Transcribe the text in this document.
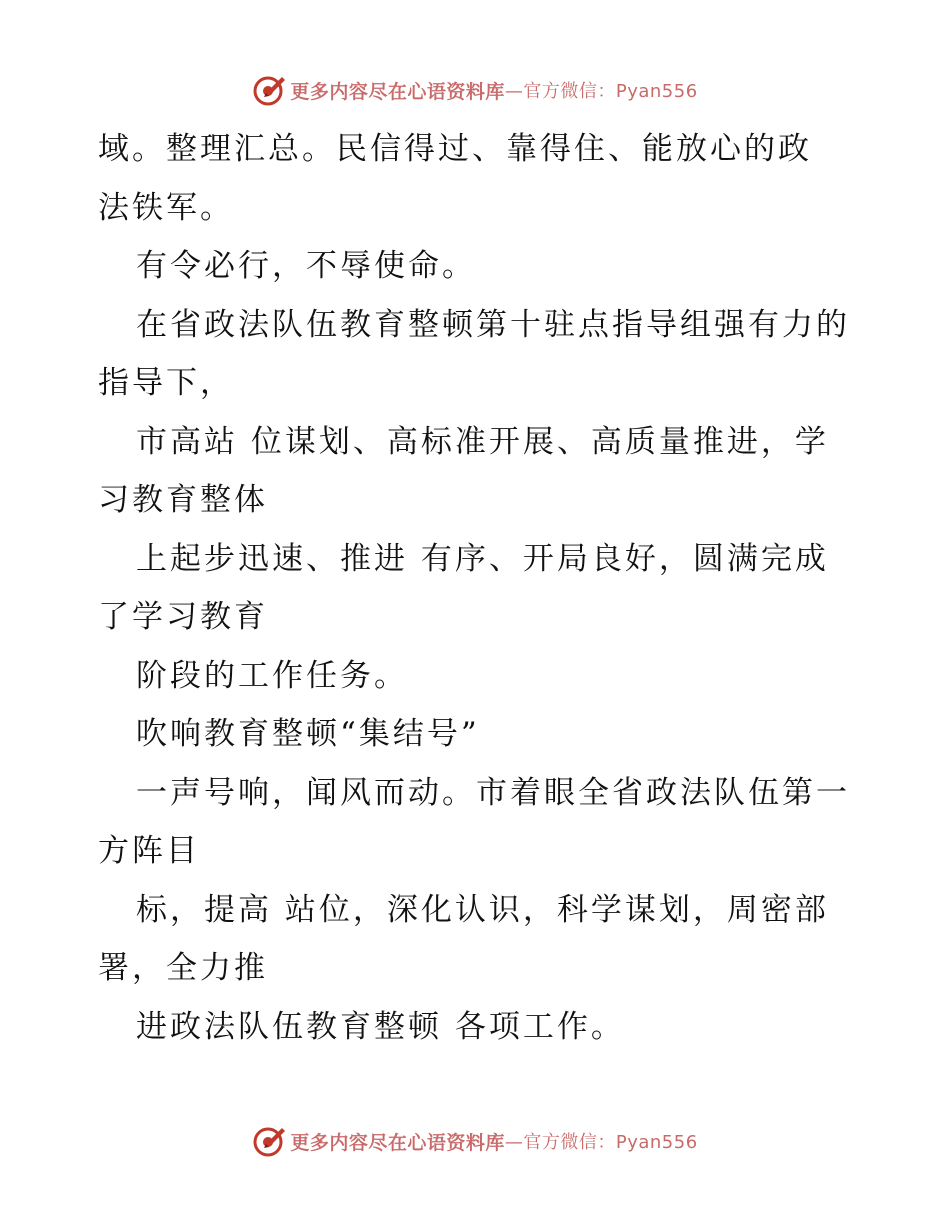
更多内容尽在心语资料库 —官方微信：Pyan556
域。整理汇总。民信得过、靠得住、能放心的政
法铁军。
有令必行，不辱使命。
在省政法队伍教育整顿第十驻点指导组强有力的
指导下，
市高站 位谋划、高标准开展、高质量推进，学
习教育整体
上起步迅速、推进 有序、开局良好，圆满完成
了学习教育
阶段的工作任务。
吹响教育整顿“集结号”
一声号响，闻风而动。市着眼全省政法队伍第一
方阵目
标，提高 站位，深化认识，科学谋划，周密部
署，全力推
进政法队伍教育整顿 各项工作。
更多内容尽在心语资料库 —官方微信：Pyan556
